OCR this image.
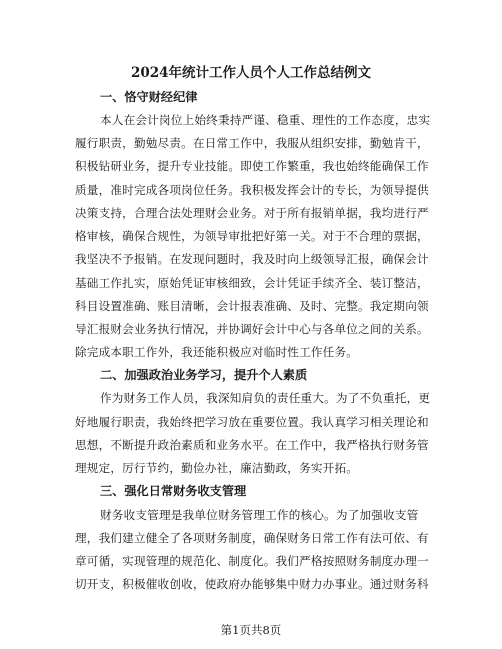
2024年统计工作人员个人工作总结例文
一、恪守财经纪律
本人在会计岗位上始终秉持严谨、稳重、理性的工作态度，忠实
履行职责，勤勉尽责。在日常工作中，我服从组织安排，勤勉肯干，
积极钻研业务，提升专业技能。即使工作繁重，我也始终能确保工作
质量，准时完成各项岗位任务。我积极发挥会计的专长，为领导提供
决策支持，合理合法处理财会业务。对于所有报销单据，我均进行严
格审核，确保合规性，为领导审批把好第一关。对于不合理的票据，
我坚决不予报销。在发现问题时，我及时向上级领导汇报，确保会计
基础工作扎实，原始凭证审核细致，会计凭证手续齐全、装订整洁，
科目设置准确、账目清晰，会计报表准确、及时、完整。我定期向领
导汇报财会业务执行情况，并协调好会计中心与各单位之间的关系。
除完成本职工作外，我还能积极应对临时性工作任务。
二、加强政治业务学习，提升个人素质
作为财务工作人员，我深知肩负的责任重大。为了不负重托，更
好地履行职责，我始终把学习放在重要位置。我认真学习相关理论和
思想，不断提升政治素质和业务水平。在工作中，我严格执行财务管
理规定，厉行节约，勤俭办社，廉洁勤政，务实开拓。
三、强化日常财务收支管理
财务收支管理是我单位财务管理工作的核心。为了加强收支管
理，我们建立健全了各项财务制度，确保财务日常工作有法可依、有
章可循，实现管理的规范化、制度化。我们严格按照财务制度办理一
切开支，积极催收创收，使政府办能够集中财力办事业。通过财务科
第1页共8页
